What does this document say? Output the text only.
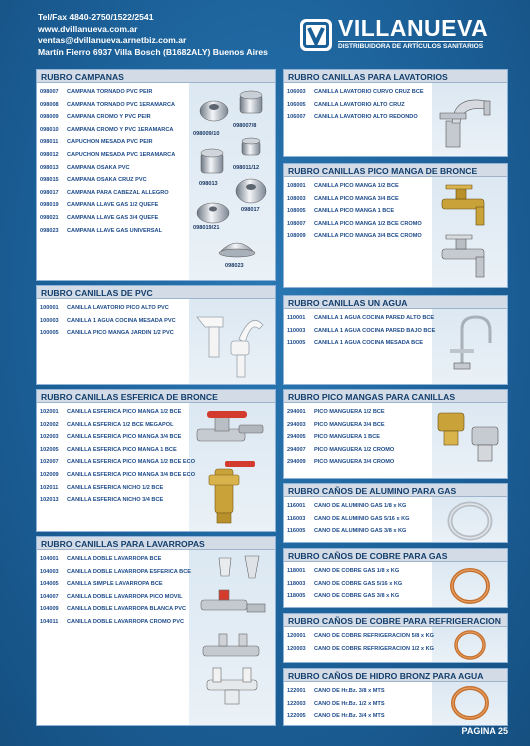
Tel/Fax 4840-2750/1522/2541
www.dvillanueva.com.ar
ventas@dvillanueva.arnetbiz.com.ar
Martín Fierro 6937 Villa Bosch (B1682ALY) Buenos Aires
VILLANUEVA
DISTRIBUIDORA DE ARTÍCULOS SANITARIOS
RUBRO CAMPANAS
098007/8
098009/10
098011/12
098013
098017
098019/21
098023
098007 CAMPANA TORNADO PVC PEIR
098008 CAMPANA TORNADO PVC 1ERAMARCA
098009 CAMPANA CROMO Y PVC PEIR
098010 CAMPANA CROMO Y PVC 1ERAMARCA
098011 CAPUCHON MESADA PVC PEIR
098012 CAPUCHON MESADA PVC 1ERAMARCA
098013 CAMPANA OSAKA PVC
098015 CAMPANA OSAKA CRUZ PVC
098017 CAMPANA PARA CABEZAL ALLEGRO
098019 CAMPANA LLAVE GAS 1/2 QUEFE
098021 CAMPANA LLAVE GAS 3/4 QUEFE
098023 CAMPANA LLAVE GAS UNIVERSAL
RUBRO CANILLAS DE PVC
100001 CANILLA LAVATORIO PICO ALTO PVC
100003 CANILLA 1 AGUA COCINA MESADA PVC
100005 CANILLA PICO MANGA JARDIN 1/2 PVC
RUBRO CANILLAS ESFERICA DE BRONCE
102001 CANILLA ESFERICA PICO MANGA 1/2 BCE
102002 CANILLA ESFERICA 1/2 BCE MEGAPOL
102003 CANILLA ESFERICA PICO MANGA 3/4 BCE
102005 CANILLA ESFERICA PICO MANGA 1 BCE
102007 CANILLA ESFERICA PICO MANGA 1/2 BCE ECO
102009 CANILLA ESFERICA PICO MANGA 3/4 BCE ECO
102011 CANILLA ESFERICA NICHO 1/2 BCE
102013 CANILLA ESFERICA NICHO 3/4 BCE
RUBRO CANILLAS PARA LAVARROPAS
104001 CANILLA DOBLE LAVARROPA BCE
104003 CANILLA DOBLE LAVARROPA ESFERICA BCE
104005 CANILLA SIMPLE LAVARROPA BCE
104007 CANILLA DOBLE LAVARROPA PICO MOVIL
104009 CANILLA DOBLE LAVARROPA BLANCA PVC
104011 CANILLA DOBLE LAVARROPA CROMO PVC
RUBRO CANILLAS PARA LAVATORIOS
106003 CANILLA LAVATORIO CURVO CRUZ BCE
106005 CANILLA LAVATORIO ALTO CRUZ
106007 CANILLA LAVATORIO ALTO REDONDO
RUBRO CANILLAS PICO MANGA DE BRONCE
108001 CANILLA PICO MANGA 1/2 BCE
108003 CANILLA PICO MANGA 3/4 BCE
108005 CANILLA PICO MANGA 1 BCE
108007 CANILLA PICO MANGA 1/2 BCE CROMO
108009 CANILLA PICO MANGA 3/4 BCE CROMO
RUBRO CANILLAS UN AGUA
110001 CANILLA 1 AGUA COCINA PARED ALTO BCE
110003 CANILLA 1 AGUA COCINA PARED BAJO BCE
110005 CANILLA 1 AGUA COCINA MESADA BCE
RUBRO PICO MANGAS PARA CANILLAS
294001 PICO MANGUERA 1/2 BCE
294003 PICO MANGUERA 3/4 BCE
294005 PICO MANGUERA 1 BCE
294007 PICO MANGUERA 1/2 CROMO
294009 PICO MANGUERA 3/4 CROMO
RUBRO CAÑOS DE ALUMINO PARA GAS
116001 CANO DE ALUMINIO GAS 1/8 x KG
116003 CANO DE ALUMINIO GAS 5/16 x KG
116005 CANO DE ALUMINIO GAS 3/8 x KG
RUBRO CAÑOS DE COBRE PARA GAS
118001 CANO DE COBRE GAS 1/8 x KG
118003 CANO DE COBRE GAS 5/16 x KG
118005 CANO DE COBRE GAS 3/8 x KG
RUBRO CAÑOS DE COBRE PARA REFRIGERACION
120001 CANO DE COBRE REFRIGERACION 5/8 x KG
120003 CANO DE COBRE REFRIGERACION 1/2 x KG
RUBRO CAÑOS DE HIDRO BRONZ PARA AGUA
122001 CANO DE Hr.Bz. 3/8 x MTS
122003 CANO DE Hr.Bz. 1/2 x MTS
122005 CANO DE Hr.Bz. 3/4 x MTS
PAGINA 25
